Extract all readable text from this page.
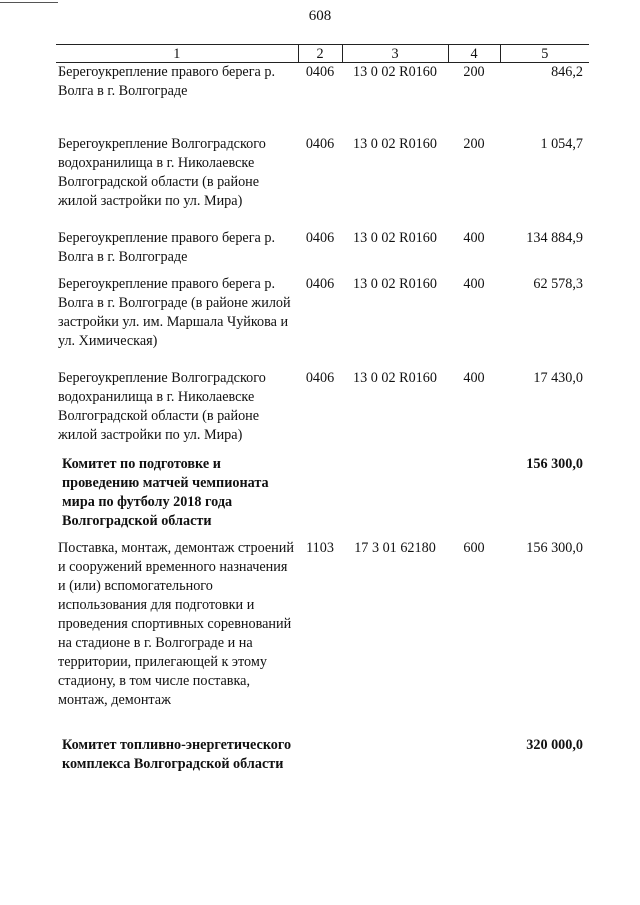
608
1	2	3	4	5
Берегоукрепление правого берега р. Волга в г. Волгограде	0406	13 0 02 R0160	200	846,2
Берегоукрепление Волгоградского водохранилища в г. Николаевске Волгоградской области (в районе жилой застройки по ул. Мира)	0406	13 0 02 R0160	200	1 054,7
Берегоукрепление правого берега р. Волга в г. Волгограде	0406	13 0 02 R0160	400	134 884,9
Берегоукрепление правого берега р. Волга в г. Волгограде (в районе жилой застройки ул. им. Маршала Чуйкова и ул. Химическая)	0406	13 0 02 R0160	400	62 578,3
Берегоукрепление Волгоградского водохранилища в г. Николаевске Волгоградской области (в районе жилой застройки по ул. Мира)	0406	13 0 02 R0160	400	17 430,0
Комитет по подготовке и проведению матчей чемпионата мира по футболу 2018 года Волгоградской области				156 300,0
Поставка, монтаж, демонтаж строений и сооружений временного назначения и (или) вспомогательного использования для подготовки и проведения спортивных соревнований на стадионе в г. Волгограде и на территории, прилегающей к этому стадиону, в том числе поставка, монтаж, демонтаж	1103	17 3 01 62180	600	156 300,0
Комитет топливно-энергетического комплекса Волгоградской области				320 000,0
